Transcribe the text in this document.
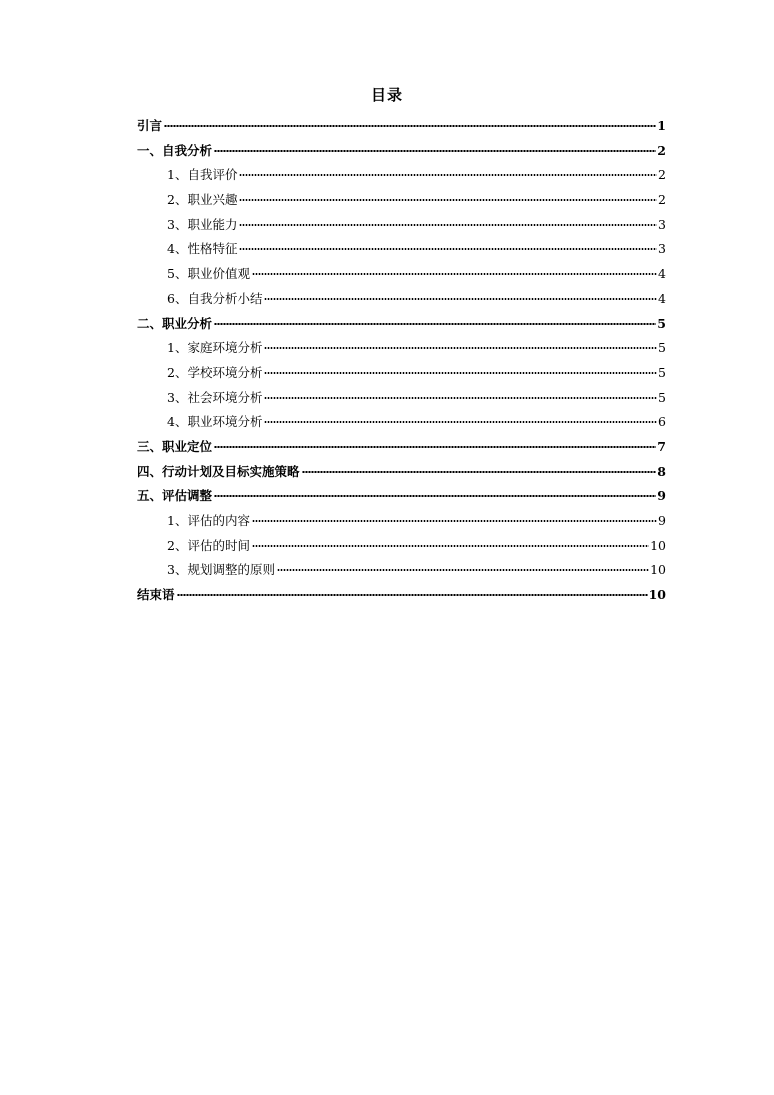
目录
引言	1
一、自我分析	2
1、自我评价	2
2、职业兴趣	2
3、职业能力	3
4、性格特征	3
5、职业价值观	4
6、自我分析小结	4
二、职业分析	5
1、家庭环境分析	5
2、学校环境分析	5
3、社会环境分析	5
4、职业环境分析	6
三、职业定位	7
四、行动计划及目标实施策略	8
五、评估调整	9
1、评估的内容	9
2、评估的时间	10
3、规划调整的原则	10
结束语	10
